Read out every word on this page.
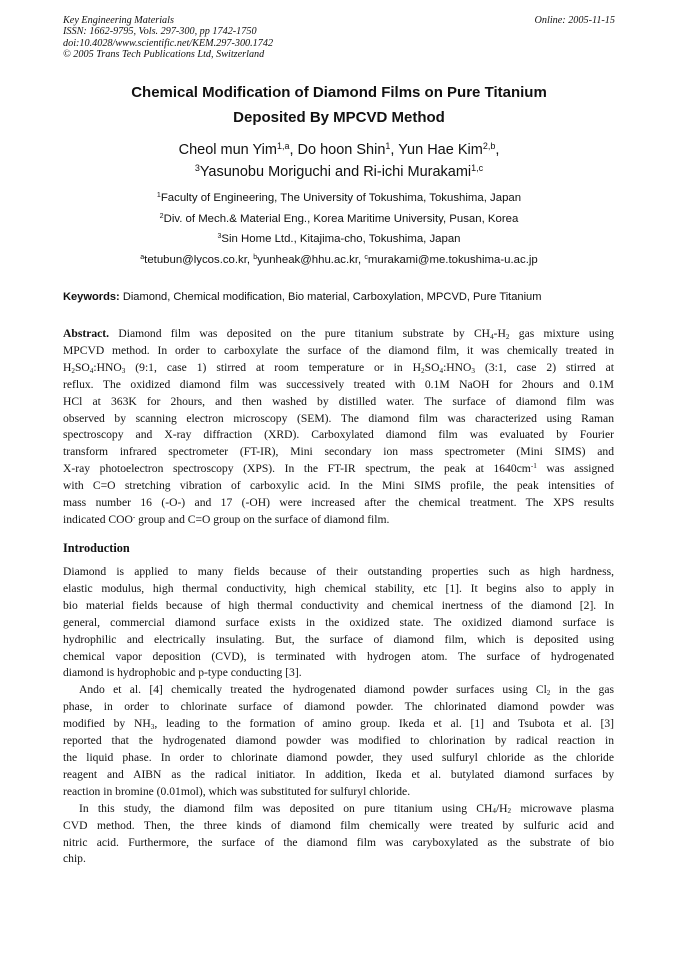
Key Engineering Materials
ISSN: 1662-9795, Vols. 297-300, pp 1742-1750
doi:10.4028/www.scientific.net/KEM.297-300.1742
© 2005 Trans Tech Publications Ltd, Switzerland
Online: 2005-11-15
Chemical Modification of Diamond Films on Pure Titanium
Deposited By MPCVD Method
Cheol mun Yim$^{1,a}$, Do hoon Shin$^1$, Yun Hae Kim$^{2,b}$,
$^3$Yasunobu Moriguchi and Ri-ichi Murakami$^{1,c}$
$^1$Faculty of Engineering, The University of Tokushima, Tokushima, Japan
$^2$Div. of Mech.& Material Eng., Korea Maritime University, Pusan, Korea
$^3$Sin Home Ltd., Kitajima-cho, Tokushima, Japan
$^a$tetubun@lycos.co.kr, $^b$yunheak@hhu.ac.kr, $^c$murakami@me.tokushima-u.ac.jp
Keywords: Diamond, Chemical modification, Bio material, Carboxylation, MPCVD, Pure Titanium
Abstract. Diamond film was deposited on the pure titanium substrate by $CH_4-H_2$ gas mixture using
MPCVD method. In order to carboxylate the surface of the diamond film, it was chemically treated in
$H_2SO_4:HNO_3$ (9:1, case 1) stirred at room temperature or in $H_2SO_4:HNO_3$ (3:1, case 2) stirred at
reflux. The oxidized diamond film was successively treated with 0.1M NaOH for 2hours and 0.1M
HCl at 363K for 2hours, and then washed by distilled water. The surface of diamond film was
observed by scanning electron microscopy (SEM). The diamond film was characterized using Raman
spectroscopy and X-ray diffraction (XRD). Carboxylated diamond film was evaluated by Fourier
transform infrared spectrometer (FT-IR), Mini secondary ion mass spectrometer (Mini SIMS) and
X-ray photoelectron spectroscopy (XPS). In the FT-IR spectrum, the peak at $1640cm^{-1}$ was assigned
with C=O stretching vibration of carboxylic acid. In the Mini SIMS profile, the peak intensities of
mass number 16 (-O-) and 17 (-OH) were increased after the chemical treatment. The XPS results
indicated COO- group and C=O group on the surface of diamond film.
Introduction
Diamond is applied to many fields because of their outstanding properties such as high hardness,
elastic modulus, high thermal conductivity, high chemical stability, etc [1]. It begins also to apply in
bio material fields because of high thermal conductivity and chemical inertness of the diamond [2]. In
general, commercial diamond surface exists in the oxidized state. The oxidized diamond surface is
hydrophilic and electrically insulating. But, the surface of diamond film, which is deposited using
chemical vapor deposition (CVD), is terminated with hydrogen atom. The surface of hydrogenated
diamond is hydrophobic and p-type conducting [3].
Ando et al. [4] chemically treated the hydrogenated diamond powder surfaces using $Cl_2$ in the gas
phase, in order to chlorinate surface of diamond powder. The chlorinated diamond powder was
modified by $NH_3$, leading to the formation of amino group. Ikeda et al. [1] and Tsubota et al. [3]
reported that the hydrogenated diamond powder was modified to chlorination by radical reaction in
the liquid phase. In order to chlorinate diamond powder, they used sulfuryl chloride as the chloride
reagent and AIBN as the radical initiator. In addition, Ikeda et al. butylated diamond surfaces by
reaction in bromine (0.01mol), which was substituted for sulfuryl chloride.
In this study, the diamond film was deposited on pure titanium using $CH_4/H_2$ microwave plasma
CVD method. Then, the three kinds of diamond film chemically were treated by sulfuric acid and
nitric acid. Furthermore, the surface of the diamond film was caryboxylated as the substrate of bio
chip.
